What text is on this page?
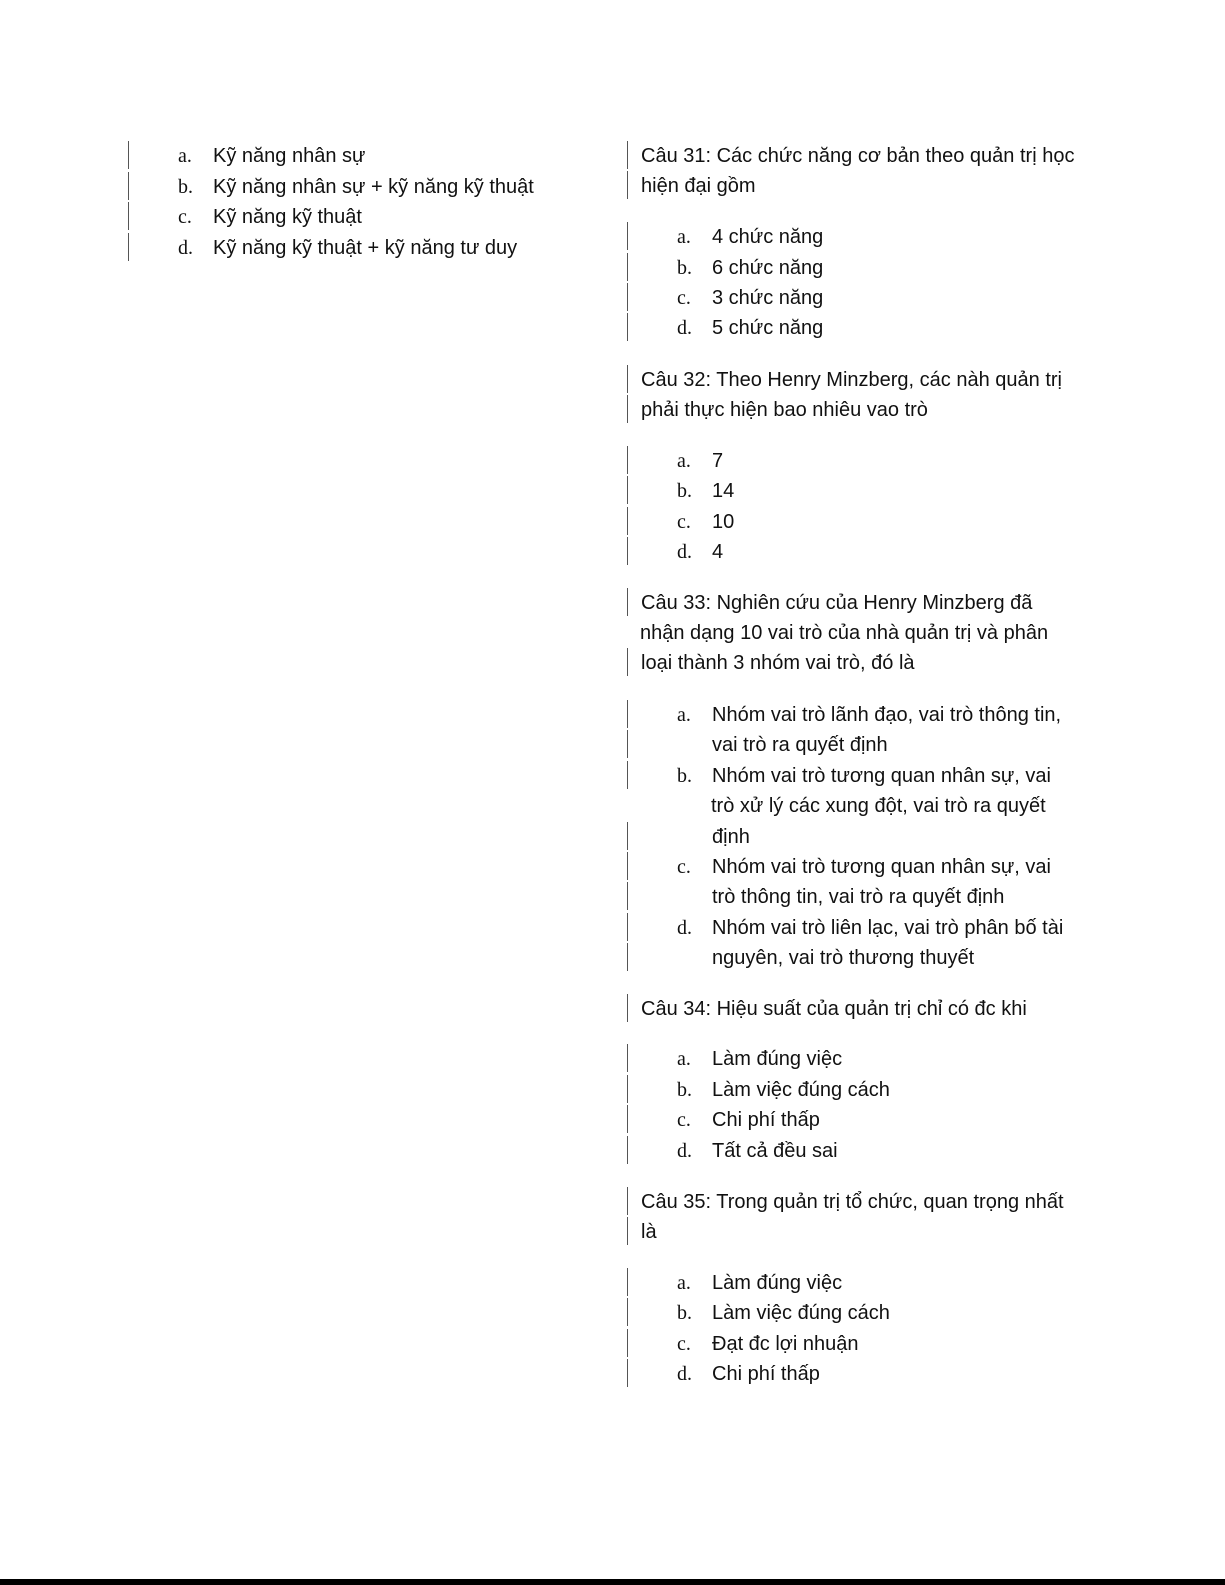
a. Kỹ năng nhân sự
b. Kỹ năng nhân sự + kỹ năng kỹ thuật
c. Kỹ năng kỹ thuật
d. Kỹ năng kỹ thuật + kỹ năng tư duy
Câu 31: Các chức năng cơ bản theo quản trị học
hiện đại gồm
a. 4 chức năng
b. 6 chức năng
c. 3 chức năng
d. 5 chức năng
Câu 32: Theo Henry Minzberg, các nàh quản trị
phải thực hiện bao nhiêu vao trò
a. 7
b. 14
c. 10
d. 4
Câu 33: Nghiên cứu của Henry Minzberg đã
nhận dạng 10 vai trò của nhà quản trị và phân
loại thành 3 nhóm vai trò, đó là
a. Nhóm vai trò lãnh đạo, vai trò thông tin,
vai trò ra quyết định
b. Nhóm vai trò tương quan nhân sự, vai
trò xử lý các xung đột, vai trò ra quyết
định
c. Nhóm vai trò tương quan nhân sự, vai
trò thông tin, vai trò ra quyết định
d. Nhóm vai trò liên lạc, vai trò phân bố tài
nguyên, vai trò thương thuyết
Câu 34: Hiệu suất của quản trị chỉ có đc khi
a. Làm đúng việc
b. Làm việc đúng cách
c. Chi phí thấp
d. Tất cả đều sai
Câu 35: Trong quản trị tổ chức, quan trọng nhất
là
a. Làm đúng việc
b. Làm việc đúng cách
c. Đạt đc lợi nhuận
d. Chi phí thấp
